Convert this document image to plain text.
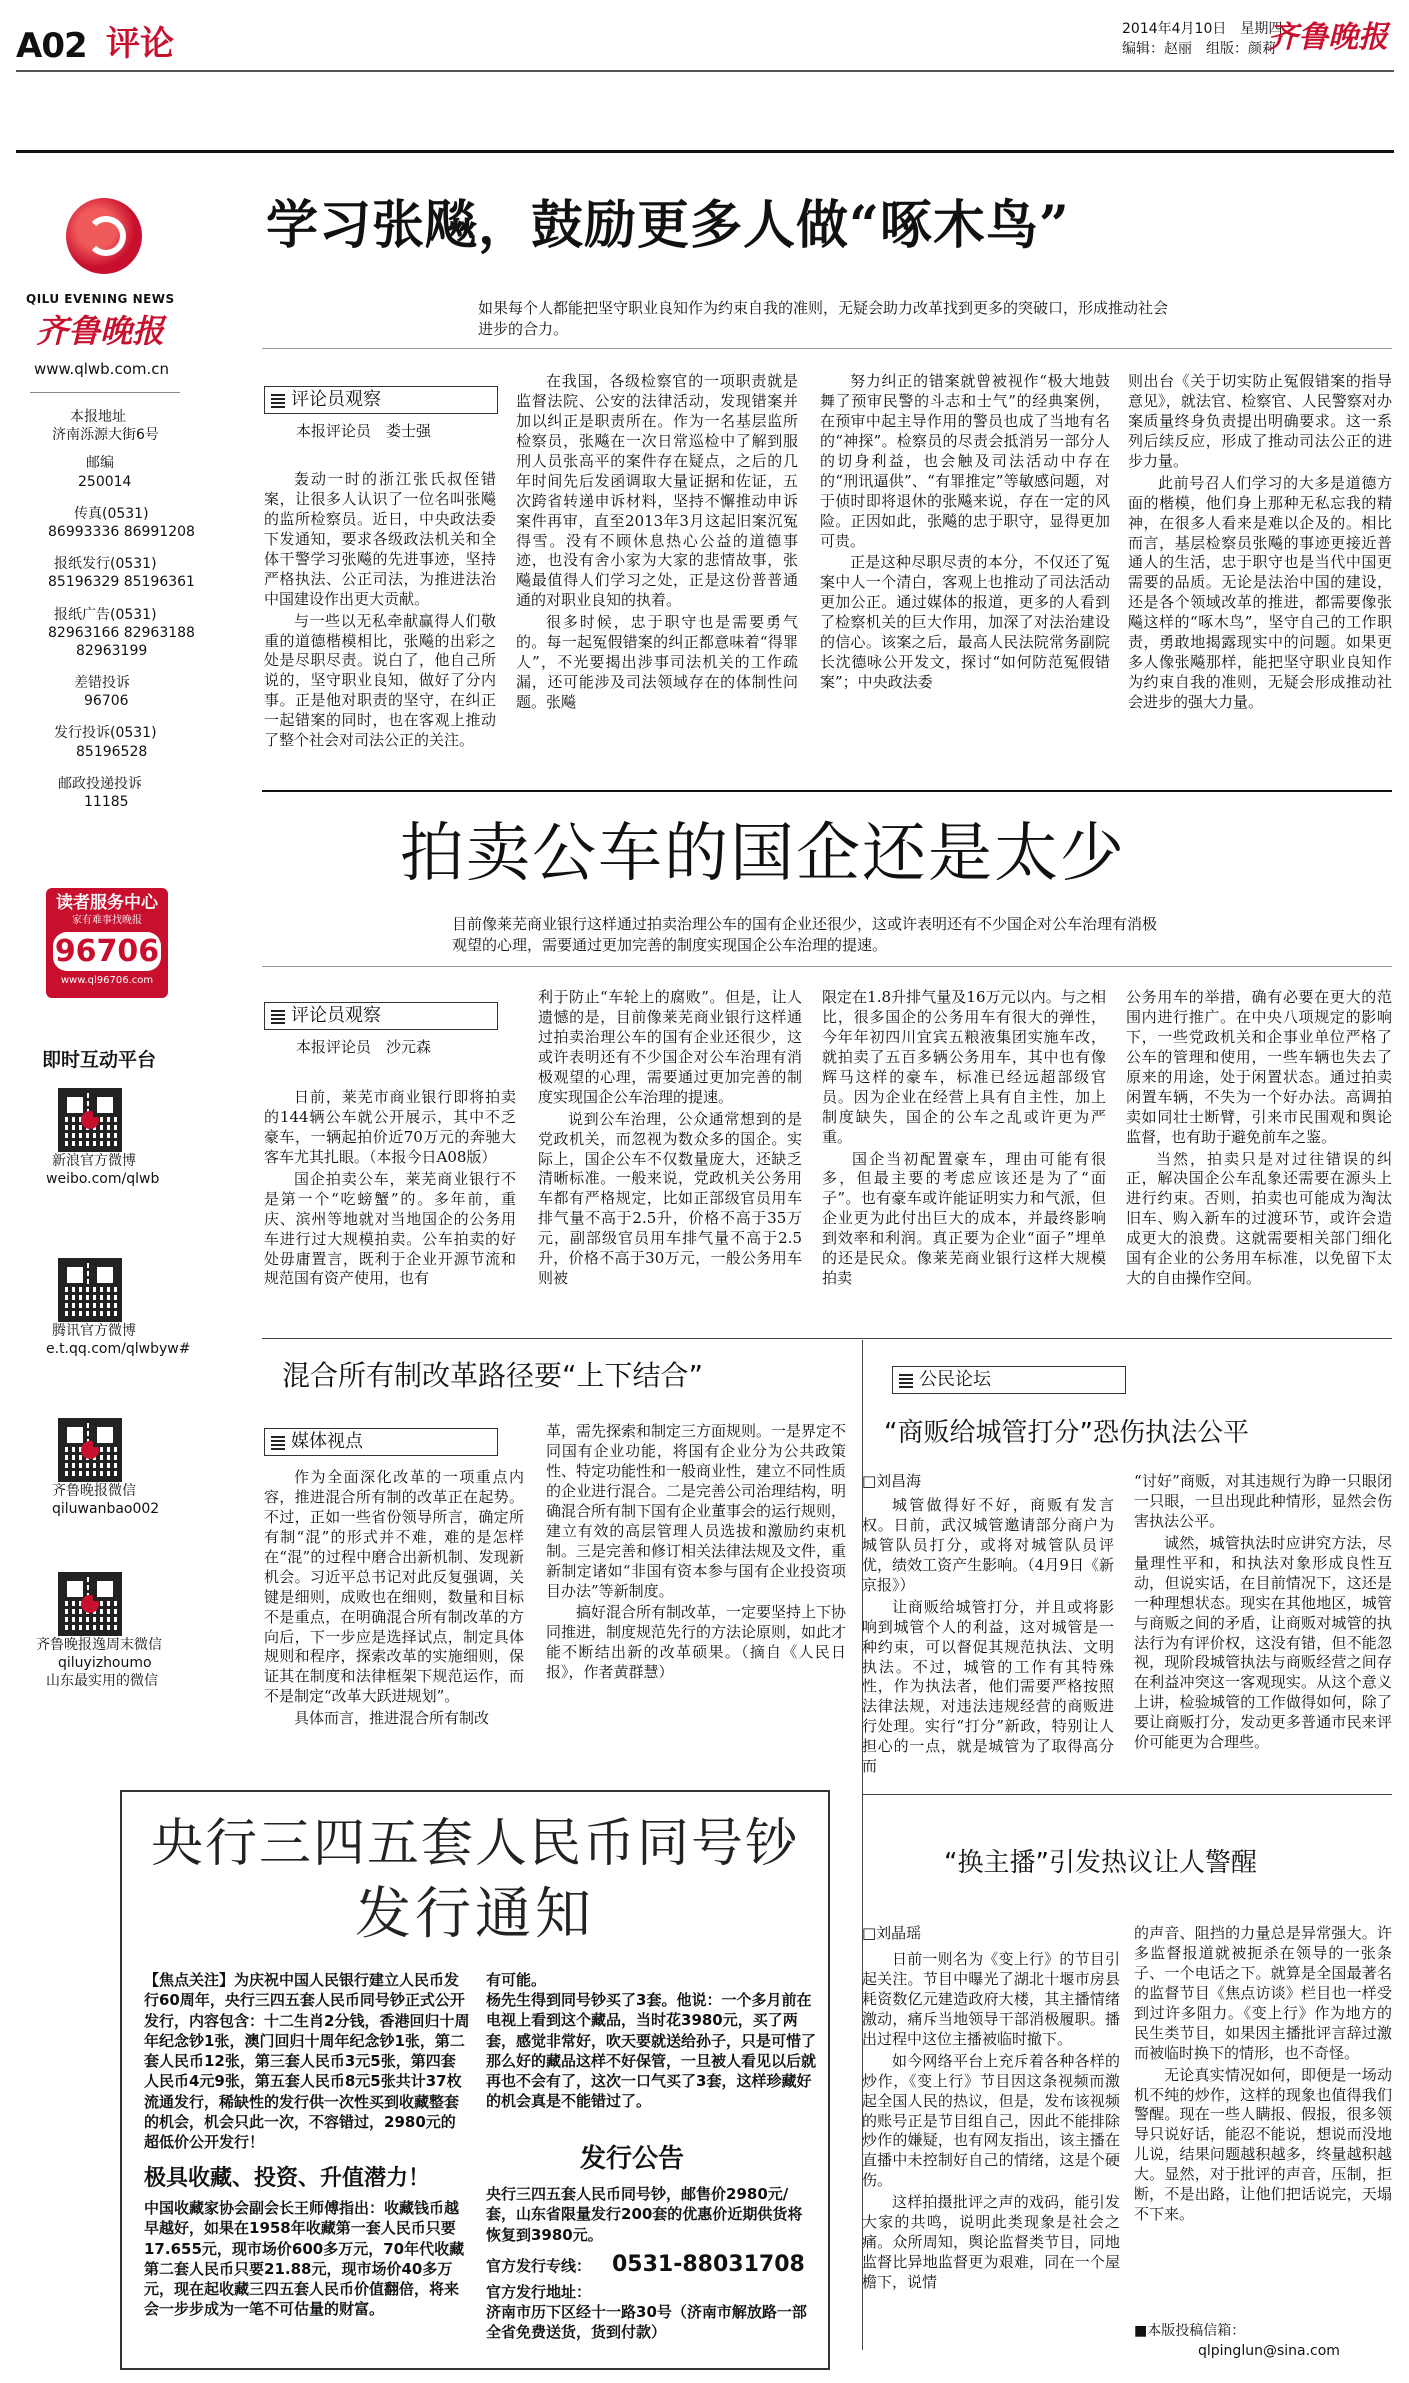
A02 评论	2014年4月10日　星期四
编辑：赵丽　组版：颜莉
齐鲁晚报
QILU EVENING NEWS
齐鲁晚报
www.qlwb.com.cn
本报地址
济南泺源大街6号
邮编
250014
传真(0531)
86993336 86991208
报纸发行(0531)
85196329 85196361
报纸广告(0531)
82963166 82963188
82963199
差错投诉
96706
发行投诉(0531)
85196528
邮政投递投诉
11185
读者服务中心
家有难事找晚报
96706
www.ql96706.com
即时互动平台
新浪官方微博
weibo.com/qlwb
腾讯官方微博
e.t.qq.com/qlwbyw#
齐鲁晚报微信
qiluwanbao002
齐鲁晚报逸周末微信
qiluyizhoumo
山东最实用的微信
学习张飚，鼓励更多人做“啄木鸟”
如果每个人都能把坚守职业良知作为约束自我的准则，无疑会助力改革找到更多的突破口，形成推动社会进步的合力。
评论员观察
本报评论员　娄士强

轰动一时的浙江张氏叔侄错案，让很多人认识了一位名叫张飚的监所检察员。近日，中央政法委下发通知，要求各级政法机关和全体干警学习张飚的先进事迹，坚持严格执法、公正司法，为推进法治中国建设作出更大贡献。

与一些以无私牵献赢得人们敬重的道德楷模相比，张飚的出彩之处是尽职尽责。说白了，他自己所说的，坚守职业良知，做好了分内事。正是他对职责的坚守，在纠正一起错案的同时，也在客观上推动了整个社会对司法公正的关注。

在我国，各级检察官的一项职责就是监督法院、公安的法律活动，发现错案并加以纠正是职责所在。作为一名基层监所检察员，张飚在一次日常巡检中了解到服刑人员张高平的案件存在疑点，之后的几年时间先后发函调取大量证据和佐证，五次跨省转递申诉材料，坚持不懈推动申诉案件再审，直至2013年3月这起旧案沉冤得雪。没有不顾休息热心公益的道德事迹，也没有舍小家为大家的悲情故事，张飚最值得人们学习之处，正是这份普普通通的对职业良知的执着。

很多时候，忠于职守也是需要勇气的。每一起冤假错案的纠正都意味着“得罪人”，不光要揭出涉事司法机关的工作疏漏，还可能涉及司法领域存在的体制性问题。张飚

努力纠正的错案就曾被视作“极大地鼓舞了预审民警的斗志和士气”的经典案例，在预审中起主导作用的警员也成了当地有名的“神探”。检察员的尽责会抵消另一部分人的切身利益，也会触及司法活动中存在的“刑讯逼供”、“有罪推定”等敏感问题，对于侦时即将退休的张飚来说，存在一定的风险。正因如此，张飚的忠于职守，显得更加可贵。

正是这种尽职尽责的本分，不仅还了冤案中人一个清白，客观上也推动了司法活动更加公正。通过媒体的报道，更多的人看到了检察机关的巨大作用，加深了对法治建设的信心。该案之后，最高人民法院常务副院长沈德咏公开发文，探讨“如何防范冤假错案”；中央政法委

则出台《关于切实防止冤假错案的指导意见》，就法官、检察官、人民警察对办案质量终身负责提出明确要求。这一系列后续反应，形成了推动司法公正的进步力量。

此前号召人们学习的大多是道德方面的楷模，他们身上那种无私忘我的精神，在很多人看来是难以企及的。相比而言，基层检察员张飚的事迹更接近普通人的生活，忠于职守也是当代中国更需要的品质。无论是法治中国的建设，还是各个领域改革的推进，都需要像张飚这样的“啄木鸟”，坚守自己的工作职责，勇敢地揭露现实中的问题。如果更多人像张飚那样，能把坚守职业良知作为约束自我的准则，无疑会形成推动社会进步的强大力量。

拍卖公车的国企还是太少
目前像莱芜商业银行这样通过拍卖治理公车的国有企业还很少，这或许表明还有不少国企对公车治理有消极观望的心理，需要通过更加完善的制度实现国企公车治理的提速。
评论员观察
本报评论员　沙元森

日前，莱芜市商业银行即将拍卖的144辆公车就公开展示，其中不乏豪车，一辆起拍价近70万元的奔驰大客车尤其扎眼。（本报今日A08版）

国企拍卖公车，莱芜商业银行不是第一个“吃螃蟹”的。多年前，重庆、滨州等地就对当地国企的公务用车进行过大规模拍卖。公车拍卖的好处毋庸置言，既利于企业开源节流和规范国有资产使用，也有

利于防止“车轮上的腐败”。但是，让人遗憾的是，目前像莱芜商业银行这样通过拍卖治理公车的国有企业还很少，这或许表明还有不少国企对公车治理有消极观望的心理，需要通过更加完善的制度实现国企公车治理的提速。

说到公车治理，公众通常想到的是党政机关，而忽视为数众多的国企。实际上，国企公车不仅数量庞大，还缺乏清晰标准。一般来说，党政机关公务用车都有严格规定，比如正部级官员用车排气量不高于2.5升，价格不高于35万元，副部级官员用车排气量不高于2.5升，价格不高于30万元，一般公务用车则被

限定在1.8升排气量及16万元以内。与之相比，很多国企的公务用车有很大的弹性，今年年初四川宜宾五粮液集团实施车改，就拍卖了五百多辆公务用车，其中也有像辉马这样的豪车，标准已经远超部级官员。因为企业在经营上具有自主性，加上制度缺失，国企的公车之乱或许更为严重。

国企当初配置豪车，理由可能有很多，但最主要的考虑应该还是为了“面子”。也有豪车或许能证明实力和气派，但企业更为此付出巨大的成本，并最终影响到效率和利润。真正要为企业“面子”埋单的还是民众。像莱芜商业银行这样大规模拍卖

公务用车的举措，确有必要在更大的范围内进行推广。在中央八项规定的影响下，一些党政机关和企事业单位严格了公车的管理和使用，一些车辆也失去了原来的用途，处于闲置状态。通过拍卖闲置车辆，不失为一个好办法。高调拍卖如同壮士断臂，引来市民围观和舆论监督，也有助于避免前车之鉴。

当然，拍卖只是对过往错误的纠正，解决国企公车乱象还需要在源头上进行约束。否则，拍卖也可能成为淘汰旧车、购入新车的过渡环节，或许会造成更大的浪费。这就需要相关部门细化国有企业的公务用车标准，以免留下太大的自由操作空间。

混合所有制改革路径要“上下结合”
媒体视点

作为全面深化改革的一项重点内容，推进混合所有制的改革正在起势。不过，正如一些省份领导所言，确定所有制“混”的形式并不难，难的是怎样在“混”的过程中磨合出新机制、发现新机会。习近平总书记对此反复强调，关键是细则，成败也在细则，数量和目标不是重点，在明确混合所有制改革的方向后，下一步应是选择试点，制定具体规则和程序，探索改革的实施细则，保证其在制度和法律框架下规范运作，而不是制定“改革大跃进规划”。

具体而言，推进混合所有制改

革，需先探索和制定三方面规则。一是界定不同国有企业功能，将国有企业分为公共政策性、特定功能性和一般商业性，建立不同性质的企业进行混合。二是完善公司治理结构，明确混合所有制下国有企业董事会的运行规则，建立有效的高层管理人员选拔和激励约束机制。三是完善和修订相关法律法规及文件，重新制定诸如“非国有资本参与国有企业投资项目办法”等新制度。

搞好混合所有制改革，一定要坚持上下协同推进，制度规范先行的方法论原则，如此才能不断结出新的改革硕果。（摘自《人民日报》，作者黄群慧）

公民论坛
“商贩给城管打分”恐伤执法公平
□刘昌海

城管做得好不好，商贩有发言权。日前，武汉城管邀请部分商户为城管队员打分，或将对城管队员评优，绩效工资产生影响。（4月9日《新京报》）

让商贩给城管打分，并且或将影响到城管个人的利益，这对城管是一种约束，可以督促其规范执法、文明执法。不过，城管的工作有其特殊性，作为执法者，他们需要严格按照法律法规，对违法违规经营的商贩进行处理。实行“打分”新政，特别让人担心的一点，就是城管为了取得高分而

“讨好”商贩，对其违规行为睁一只眼闭一只眼，一旦出现此种情形，显然会伤害执法公平。

诚然，城管执法时应讲究方法，尽量理性平和，和执法对象形成良性互动，但说实话，在目前情况下，这还是一种理想状态。现实在其他地区，城管与商贩之间的矛盾，让商贩对城管的执法行为有评价权，这没有错，但不能忽视，现阶段城管执法与商贩经营之间存在利益冲突这一客观现实。从这个意义上讲，检验城管的工作做得如何，除了要让商贩打分，发动更多普通市民来评价可能更为合理些。

“换主播”引发热议让人警醒
□刘晶瑶

日前一则名为《变上行》的节目引起关注。节目中曝光了湖北十堰市房县耗资数亿元建造政府大楼，其主播情绪激动，痛斥当地领导干部消极履职。播出过程中这位主播被临时撤下。

如今网络平台上充斥着各种各样的炒作，《变上行》节目因这条视频而激起全国人民的热议，但是，发布该视频的账号正是节目组自己，因此不能排除炒作的嫌疑，也有网友指出，该主播在直播中未控制好自己的情绪，这是个硬伤。

这样拍摄批评之声的戏码，能引发大家的共鸣，说明此类现象是社会之痛。众所周知，舆论监督类节目，同地监督比异地监督更为艰难，同在一个屋檐下，说情

的声音、阻挡的力量总是异常强大。许多监督报道就被扼杀在领导的一张条子、一个电话之下。就算是全国最著名的监督节目《焦点访谈》栏目也一样受到过许多阻力。《变上行》作为地方的民生类节目，如果因主播批评言辞过激而被临时换下的情形，也不奇怪。

无论真实情况如何，即便是一场动机不纯的炒作，这样的现象也值得我们警醒。现在一些人瞒报、假报，很多领导只说好话，能忍不能说，想说而没地儿说，结果问题越积越多，终量越积越大。显然，对于批评的声音，压制，拒断，不是出路，让他们把话说完，天塌不下来。

■本版投稿信箱：
qlpinglun@sina.com
央行三四五套人民币同号钞
发行通知
【焦点关注】为庆祝中国人民银行建立人民币发行60周年，央行三四五套人民币同号钞正式公开发行，内容包含：十二生肖2分钱，香港回归十周年纪念钞1张，澳门回归十周年纪念钞1张，第二套人民币12张，第三套人民币3元5张，第四套人民币4元9张，第五套人民币8元5张共计37枚流通发行，稀缺性的发行供一次性买到收藏整套的机会，机会只此一次，不容错过，2980元的超低价公开发行！
极具收藏、投资、升值潜力！
中国收藏家协会副会长王师傅指出：收藏钱币越早越好，如果在1958年收藏第一套人民币只要17.655元，现市场价600多万元，70年代收藏第二套人民币只要21.88元，现市场价40多万元，现在起收藏三四五套人民币价值翻倍，将来会一步步成为一笔不可估量的财富。
有可能。
杨先生得到同号钞买了3套。他说：一个多月前在电视上看到这个藏品，当时花3980元，买了两套，感觉非常好，吹天要就送给孙子，只是可惜了那么好的藏品这样不好保管，一旦被人看见以后就再也不会有了，这次一口气买了3套，这样珍藏好的机会真是不能错过了。
发行公告
央行三四五套人民币同号钞，邮售价2980元/套，山东省限量发行200套的优惠价近期供货将恢复到3980元。
官方发行专线： 0531-88031708
官方发行地址：
济南市历下区经十一路30号（济南市解放路一部全省免费送货，货到付款）
